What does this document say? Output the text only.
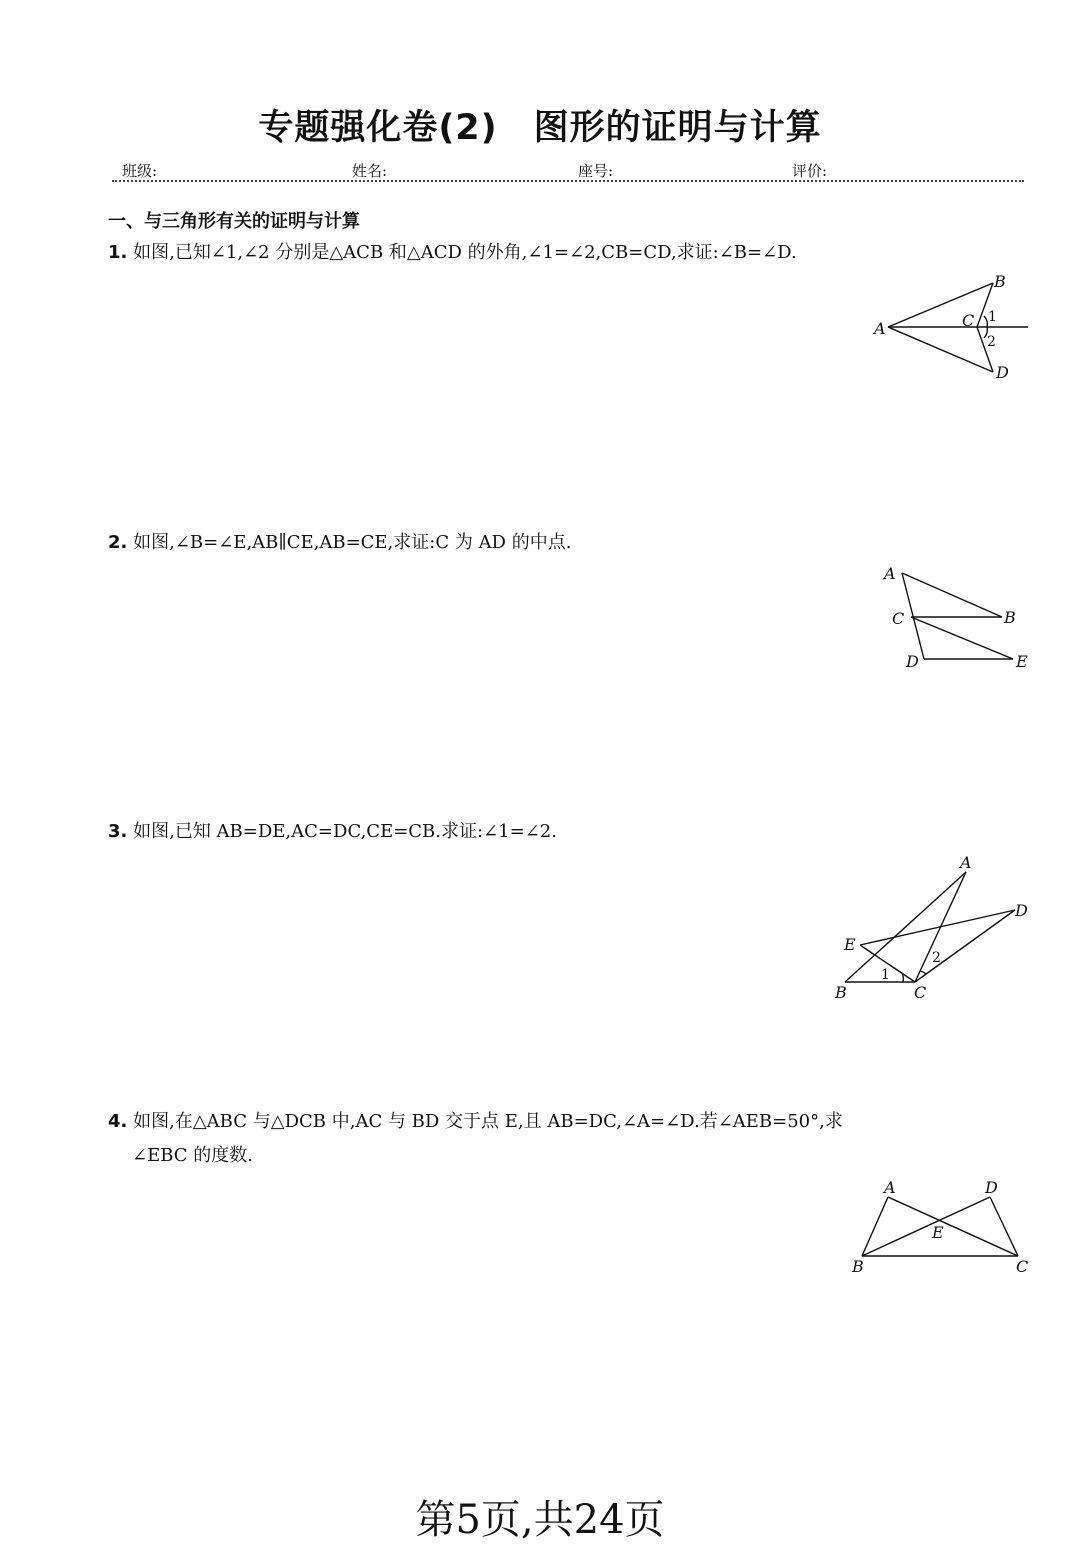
专题强化卷(2) 图形的证明与计算
班级:	姓名:	座号:	评价:
一、与三角形有关的证明与计算
1. 如图,已知∠1,∠2 分别是△ACB 和△ACD 的外角,∠1=∠2,CB=CD,求证:∠B=∠D.
A
B
C
D
1
2
2. 如图,∠B=∠E,AB∥CE,AB=CE,求证:C 为 AD 的中点.
A
B
C
D	E
3. 如图,已知 AB=DE,AC=DC,CE=CB.求证:∠1=∠2.
A
B	C
D
E
1
2
4. 如图,在△ABC 与△DCB 中,AC 与 BD 交于点 E,且 AB=DC,∠A=∠D.若∠AEB=50°,求
∠EBC 的度数.
A
B	C
D
E
第5页,共24页
